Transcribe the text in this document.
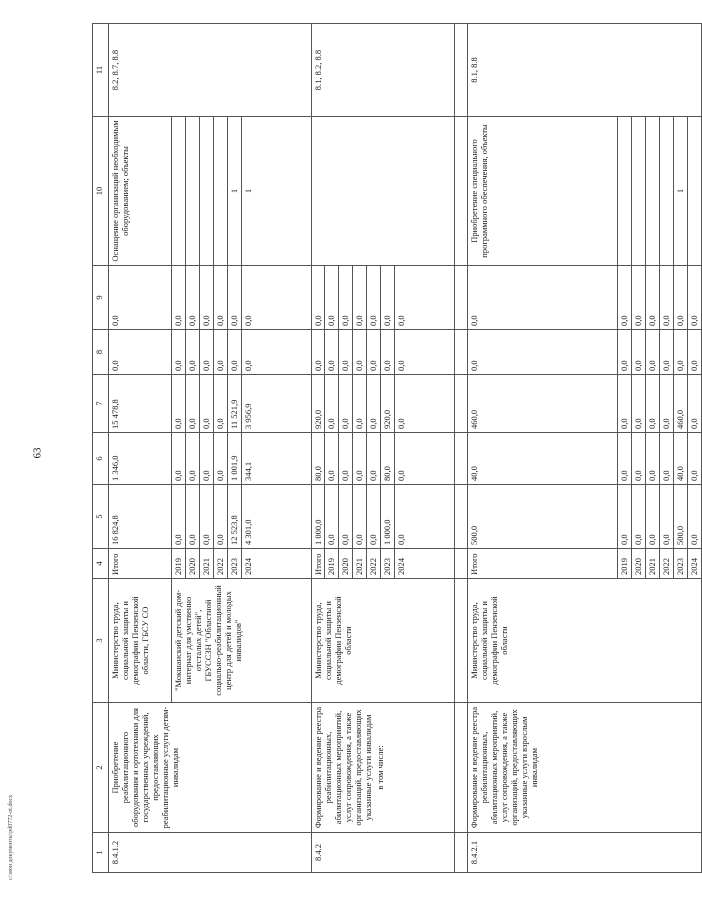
63
1	2	3	4	5	6	7	8	9	10	11
8.4.1.2	Приобретение реабилитационного оборудования и ортотехники для государственных учреждений, предоставляющих реабилитационные услуги детям-инвалидам	Министерство труда, социальной защиты и демографии Пензенской области, ГБСУ СО	Итого	16 824,8	1 346,0	15 478,8	0,0	0,0	Оснащение организаций необходимым оборудованием; объекты	8.2, 8.7, 8.8

		"Мокшанский детский дом-интернат для умственно отсталых детей", ГБУССЗН "Областной социально-реабилитационный центр для детей и молодых инвалидов"	2019	0,0	0,0	0,0	0,0	0,0		
			2020	0,0	0,0	0,0	0,0	0,0		
			2021	0,0	0,0	0,0	0,0	0,0		
			2022	0,0	0,0	0,0	0,0	0,0		
			2023	12 523,8	1 001,9	11 521,9	0,0	0,0	1	
			2024	4 301,0	344,1	3 956,9	0,0	0,0	1	
8.4.2	Формирование и ведение реестра реабилитационных, абилитационных мероприятий, услуг сопровождения, а также организаций, предоставляющих указанные услуги инвалидам в том числе:	Министерство труда, социальной защиты и демографии Пензенской области	Итого	1 000,0	80,0	920,0	0,0	0,0		8.1, 8.2, 8.8
			2019	0,0	0,0	0,0	0,0	0,0		
			2020	0,0	0,0	0,0	0,0	0,0		
			2021	0,0	0,0	0,0	0,0	0,0		
			2022	0,0	0,0	0,0	0,0	0,0		
			2023	1 000,0	80,0	920,0	0,0	0,0		
			2024	0,0	0,0	0,0	0,0	0,0		

8.4.2.1	Формирование и ведение реестра реабилитационных, абилитационных мероприятий, услуг сопровождения, а также организаций, предоставляющих указанные услуги взрослым инвалидам	Министерство труда, социальной защиты и демографии Пензенской области	Итого	500,0	40,0	460,0	0,0	0,0	Приобретение специального программного обеспечения, объекты	8.1, 8.8
			2019	0,0	0,0	0,0	0,0	0,0		
			2020	0,0	0,0	0,0	0,0	0,0		
			2021	0,0	0,0	0,0	0,0	0,0		
			2022	0,0	0,0	0,0	0,0	0,0		
			2023	500,0	40,0	460,0	0,0	0,0	1	
			2024	0,0	0,0	0,0	0,0	0,0		
c:\мои документы\pd0772-ot.docx
